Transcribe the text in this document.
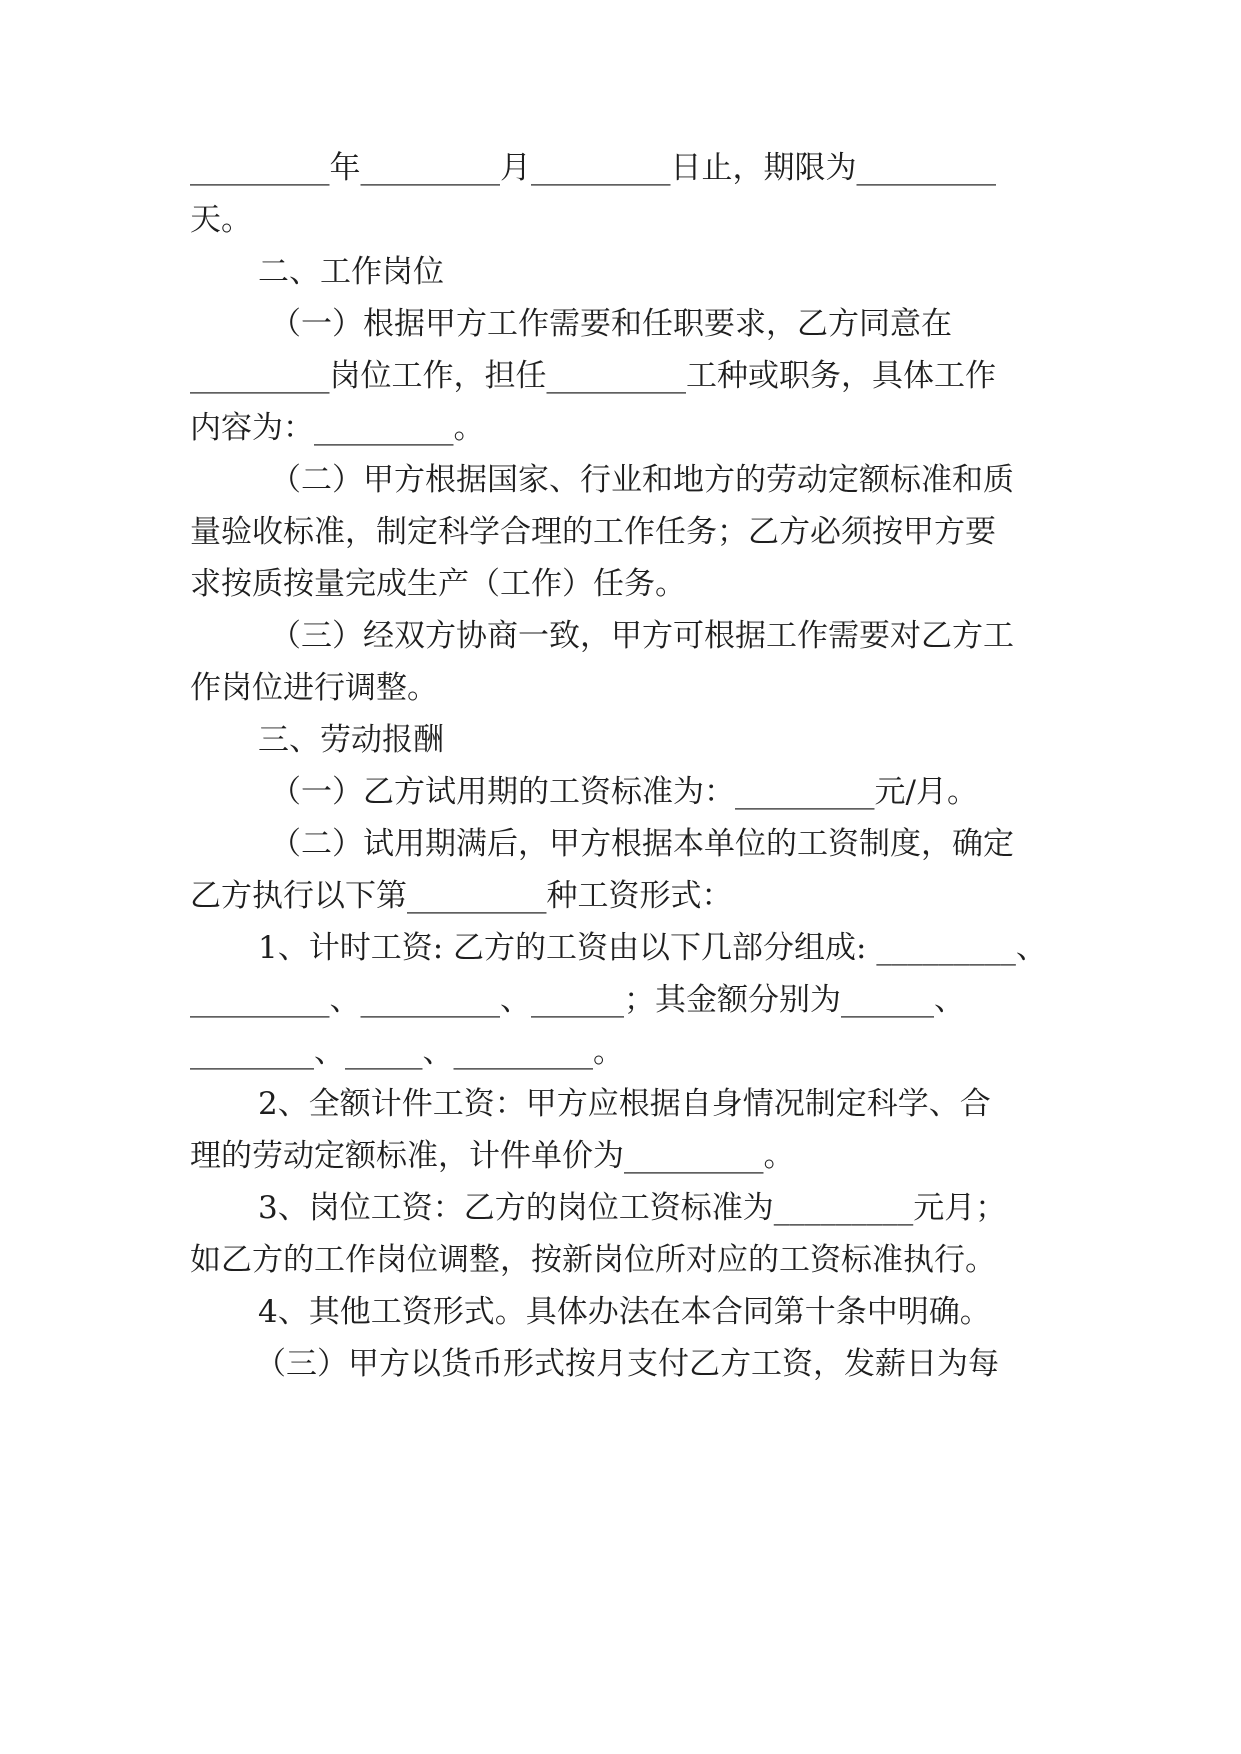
_________年_________月_________日止，期限为_________
天。
二、工作岗位
（一）根据甲方工作需要和任职要求，乙方同意在
_________岗位工作，担任_________工种或职务，具体工作
内容为：_________。
（二）甲方根据国家、行业和地方的劳动定额标准和质
量验收标准，制定科学合理的工作任务；乙方必须按甲方要
求按质按量完成生产（工作）任务。
（三）经双方协商一致，甲方可根据工作需要对乙方工
作岗位进行调整。
三、劳动报酬
（一）乙方试用期的工资标准为：_________元/月。
（二）试用期满后，甲方根据本单位的工资制度，确定
乙方执行以下第_________种工资形式：
1、计时工资: 乙方的工资由以下几部分组成: _________、
_________、_________、______；其金额分别为______、
________、_____、_________。
2、全额计件工资：甲方应根据自身情况制定科学、合
理的劳动定额标准，计件单价为_________。
3、岗位工资：乙方的岗位工资标准为_________元月；
如乙方的工作岗位调整，按新岗位所对应的工资标准执行。
4、其他工资形式。具体办法在本合同第十条中明确。
（三）甲方以货币形式按月支付乙方工资，发薪日为每
